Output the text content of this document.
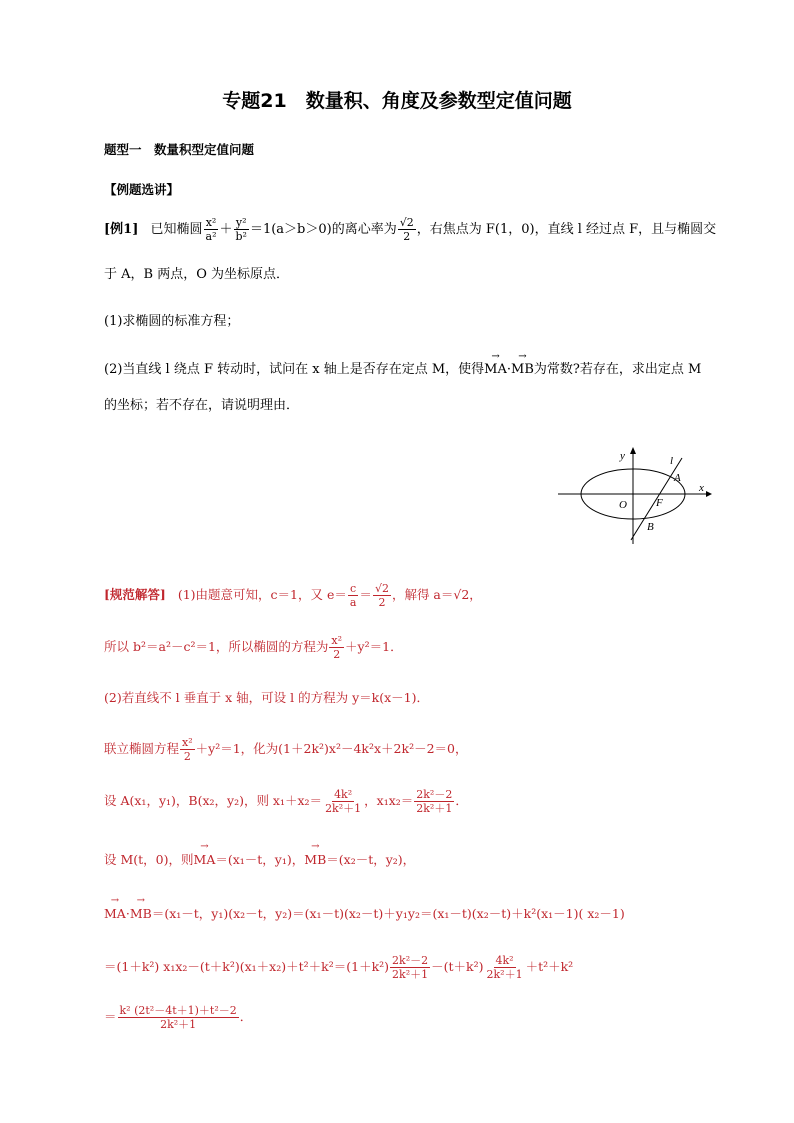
专题21　数量积、角度及参数型定值问题
题型一　数量积型定值问题
【例题选讲】
[例1] 已知椭圆 $\frac{\text{x²}}{\text{a²}} + \frac{\text{y²}}{\text{b²}} =1(a>b>0)$的离心率为 $\frac{√2}{2}$ ，右焦点为 F(1，0)，直线 l 经过点 F，且与椭圆交
于 A，B 两点，O 为坐标原点．
(1)求椭圆的标准方程；
(2)当直线 l 绕点 F 转动时，试问在 x 轴上是否存在定点 M，使得→ MA·→ MB为常数?若存在，求出定点 M
的坐标；若不存在，请说明理由．
y
x
l
A
O	F
B
[规范解答] (1)由题意可知，c＝1，又 $e= \frac{c}{a} = \frac{√2}{2}$ ，解得 a＝√2，
所以 b²＝a²－c²＝1，所以椭圆的方程为 $\frac{\text{x²}}{2} +y^2=1$．
(2)若直线不 l 垂直于 x 轴，可设 l 的方程为 y＝k(x－1)．
联立椭圆方程 $\frac{\text{x²}}{2} +y^2=1$，化为(1＋2k²)x²－4k²x＋2k²－2＝0，
设 A(x₁，y₁)，B(x₂，y₂)，则 $x_1+x_2= \frac{\text{4k²}}{\text{2k²＋1}}$ ，$x_1x_2= \frac{\text{2k²－2}}{\text{2k²＋1}}$ ．
设 M(t，0)，则→ MA＝(x₁－t，y₁)，→ MB＝(x₂－t，y₂)，
→ MA·→ MB＝(x₁－t，y₁)(x₂－t，y₂)＝(x₁－t)(x₂－t)＋y₁y₂＝(x₁－t)(x₂－t)＋k²(x₁－1)( x₂－1)
＝(1＋k²) $x_1x_2-(t+k^2)(x_1+x_2)+t^2+k^2=(1+k^2) \frac{\text{2k²－2}}{\text{2k²＋1}} -(t+k^2) \frac{\text{4k²}}{\text{2k²＋1}} +t^2+k^2$
＝ $\frac{\text{k² (2t²－4t＋1)＋t²－2}}{\text{2k²＋1}}$ ．
